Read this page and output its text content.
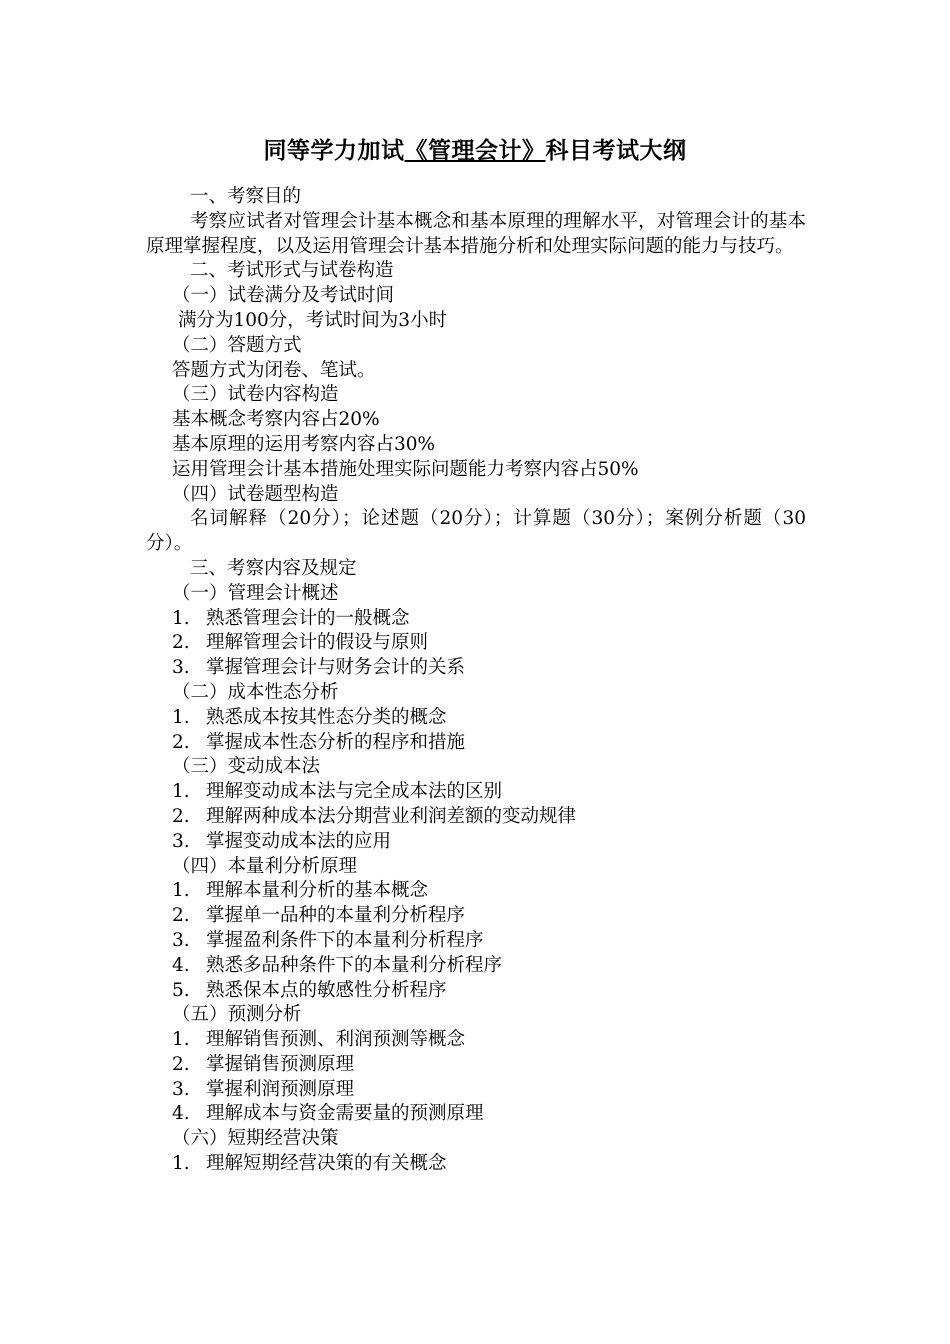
同等学力加试《管理会计》科目考试大纲
一、考察目的
考察应试者对管理会计基本概念和基本原理的理解水平，对管理会计的基本原理掌握程度，以及运用管理会计基本措施分析和处理实际问题的能力与技巧。
二、考试形式与试卷构造
（一）试卷满分及考试时间
满分为100分，考试时间为3小时
（二）答题方式
答题方式为闭卷、笔试。
（三）试卷内容构造
基本概念考察内容占20%
基本原理的运用考察内容占30%
运用管理会计基本措施处理实际问题能力考察内容占50%
（四）试卷题型构造
名词解释（20分）；论述题（20分）；计算题（30分）；案例分析题（30分）。
三、考察内容及规定
（一）管理会计概述
1. 熟悉管理会计的一般概念
2. 理解管理会计的假设与原则
3. 掌握管理会计与财务会计的关系
（二）成本性态分析
1. 熟悉成本按其性态分类的概念
2. 掌握成本性态分析的程序和措施
（三）变动成本法
1. 理解变动成本法与完全成本法的区别
2. 理解两种成本法分期营业利润差额的变动规律
3. 掌握变动成本法的应用
（四）本量利分析原理
1. 理解本量利分析的基本概念
2. 掌握单一品种的本量利分析程序
3. 掌握盈利条件下的本量利分析程序
4. 熟悉多品种条件下的本量利分析程序
5. 熟悉保本点的敏感性分析程序
（五）预测分析
1. 理解销售预测、利润预测等概念
2. 掌握销售预测原理
3. 掌握利润预测原理
4. 理解成本与资金需要量的预测原理
（六）短期经营决策
1. 理解短期经营决策的有关概念
